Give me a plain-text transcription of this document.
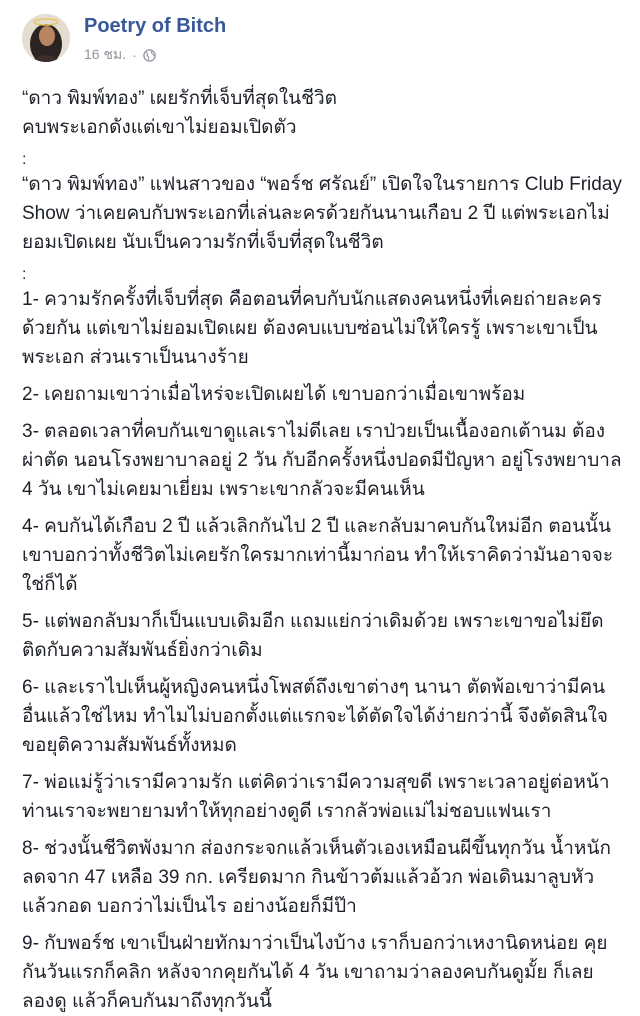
Poetry of Bitch
16 ชม. ·

“ดาว พิมพ์ทอง” เผยรักที่เจ็บที่สุดในชีวิต
คบพระเอกดังแต่เขาไม่ยอมเปิดตัว

:

“ดาว พิมพ์ทอง” แฟนสาวของ “พอร์ช ศรัณย์” เปิดใจในรายการ Club Friday Show ว่าเคยคบกับพระเอกที่เล่นละครด้วยกันนานเกือบ 2 ปี แต่พระเอกไม่ยอมเปิดเผย นับเป็นความรักที่เจ็บที่สุดในชีวิต

:

1- ความรักครั้งที่เจ็บที่สุด คือตอนที่คบกับนักแสดงคนหนึ่งที่เคยถ่ายละครด้วยกัน แต่เขาไม่ยอมเปิดเผย ต้องคบแบบซ่อนไม่ให้ใครรู้ เพราะเขาเป็นพระเอก ส่วนเราเป็นนางร้าย

2- เคยถามเขาว่าเมื่อไหร่จะเปิดเผยได้ เขาบอกว่าเมื่อเขาพร้อม

3- ตลอดเวลาที่คบกันเขาดูแลเราไม่ดีเลย เราป่วยเป็นเนื้องอกเต้านม ต้องผ่าตัด นอนโรงพยาบาลอยู่ 2 วัน กับอีกครั้งหนึ่งปอดมีปัญหา อยู่โรงพยาบาล 4 วัน เขาไม่เคยมาเยี่ยม เพราะเขากลัวจะมีคนเห็น

4- คบกันได้เกือบ 2 ปี แล้วเลิกกันไป 2 ปี และกลับมาคบกันใหม่อีก ตอนนั้นเขาบอกว่าทั้งชีวิตไม่เคยรักใครมากเท่านี้มาก่อน ทำให้เราคิดว่ามันอาจจะใช่ก็ได้

5- แต่พอกลับมาก็เป็นแบบเดิมอีก แถมแย่กว่าเดิมด้วย เพราะเขาขอไม่ยึดติดกับความสัมพันธ์ยิ่งกว่าเดิม

6- และเราไปเห็นผู้หญิงคนหนึ่งโพสต์ถึงเขาต่างๆ นานา ตัดพ้อเขาว่ามีคนอื่นแล้วใช่ไหม ทำไมไม่บอกตั้งแต่แรกจะได้ตัดใจได้ง่ายกว่านี้ จึงตัดสินใจขอยุติความสัมพันธ์ทั้งหมด

7- พ่อแม่รู้ว่าเรามีความรัก แต่คิดว่าเรามีความสุขดี เพราะเวลาอยู่ต่อหน้าท่านเราจะพยายามทำให้ทุกอย่างดูดี เรากลัวพ่อแม่ไม่ชอบแฟนเรา

8- ช่วงนั้นชีวิตพังมาก ส่องกระจกแล้วเห็นตัวเองเหมือนผีขึ้นทุกวัน น้ำหนักลดจาก 47 เหลือ 39 กก. เครียดมาก กินข้าวต้มแล้วอ้วก พ่อเดินมาลูบหัวแล้วกอด บอกว่าไม่เป็นไร อย่างน้อยก็มีป๊า

9- กับพอร์ช เขาเป็นฝ่ายทักมาว่าเป็นไงบ้าง เราก็บอกว่าเหงานิดหน่อย คุยกันวันแรกก็คลิก หลังจากคุยกันได้ 4 วัน เขาถามว่าลองคบกันดูมั้ย ก็เลยลองดู แล้วก็คบกันมาถึงทุกวันนี้
